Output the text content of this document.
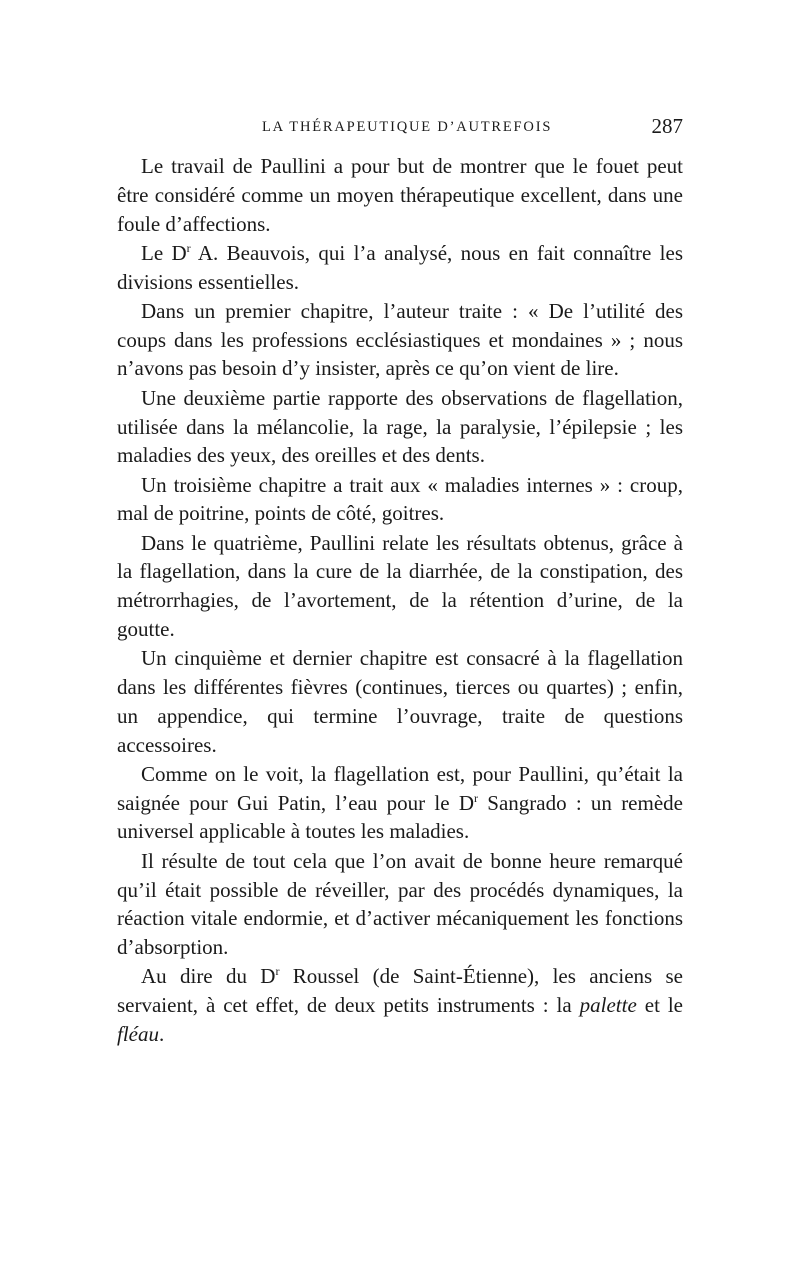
LA THÉRAPEUTIQUE D’AUTREFOIS	287

Le travail de Paullini a pour but de montrer que le fouet peut être considéré comme un moyen thérapeutique excellent, dans une foule d’affections.

Le $D^r$ A. Beauvois, qui l’a analysé, nous en fait connaître les divisions essentielles.

Dans un premier chapitre, l’auteur traite : « De l’utilité des coups dans les professions ecclésiastiques et mondaines » ; nous n’avons pas besoin d’y insister, après ce qu’on vient de lire.

Une deuxième partie rapporte des observations de flagellation, utilisée dans la mélancolie, la rage, la paralysie, l’épilepsie ; les maladies des yeux, des oreilles et des dents.

Un troisième chapitre a trait aux « maladies internes » : croup, mal de poitrine, points de côté, goitres.

Dans le quatrième, Paullini relate les résultats obtenus, grâce à la flagellation, dans la cure de la diarrhée, de la constipation, des métrorrhagies, de l’avortement, de la rétention d’urine, de la goutte.

Un cinquième et dernier chapitre est consacré à la flagellation dans les différentes fièvres (continues, tierces ou quartes) ; enfin, un appendice, qui termine l’ouvrage, traite de questions accessoires.

Comme on le voit, la flagellation est, pour Paullini, qu’était la saignée pour Gui Patin, l’eau pour le $D^r$ Sangrado : un remède universel applicable à toutes les maladies.

Il résulte de tout cela que l’on avait de bonne heure remarqué qu’il était possible de réveiller, par des procédés dynamiques, la réaction vitale endormie, et d’activer mécaniquement les fonctions d’absorption.

Au dire du $D^r$ Roussel (de Saint-Étienne), les anciens se servaient, à cet effet, de deux petits instruments : la palette et le fléau.
